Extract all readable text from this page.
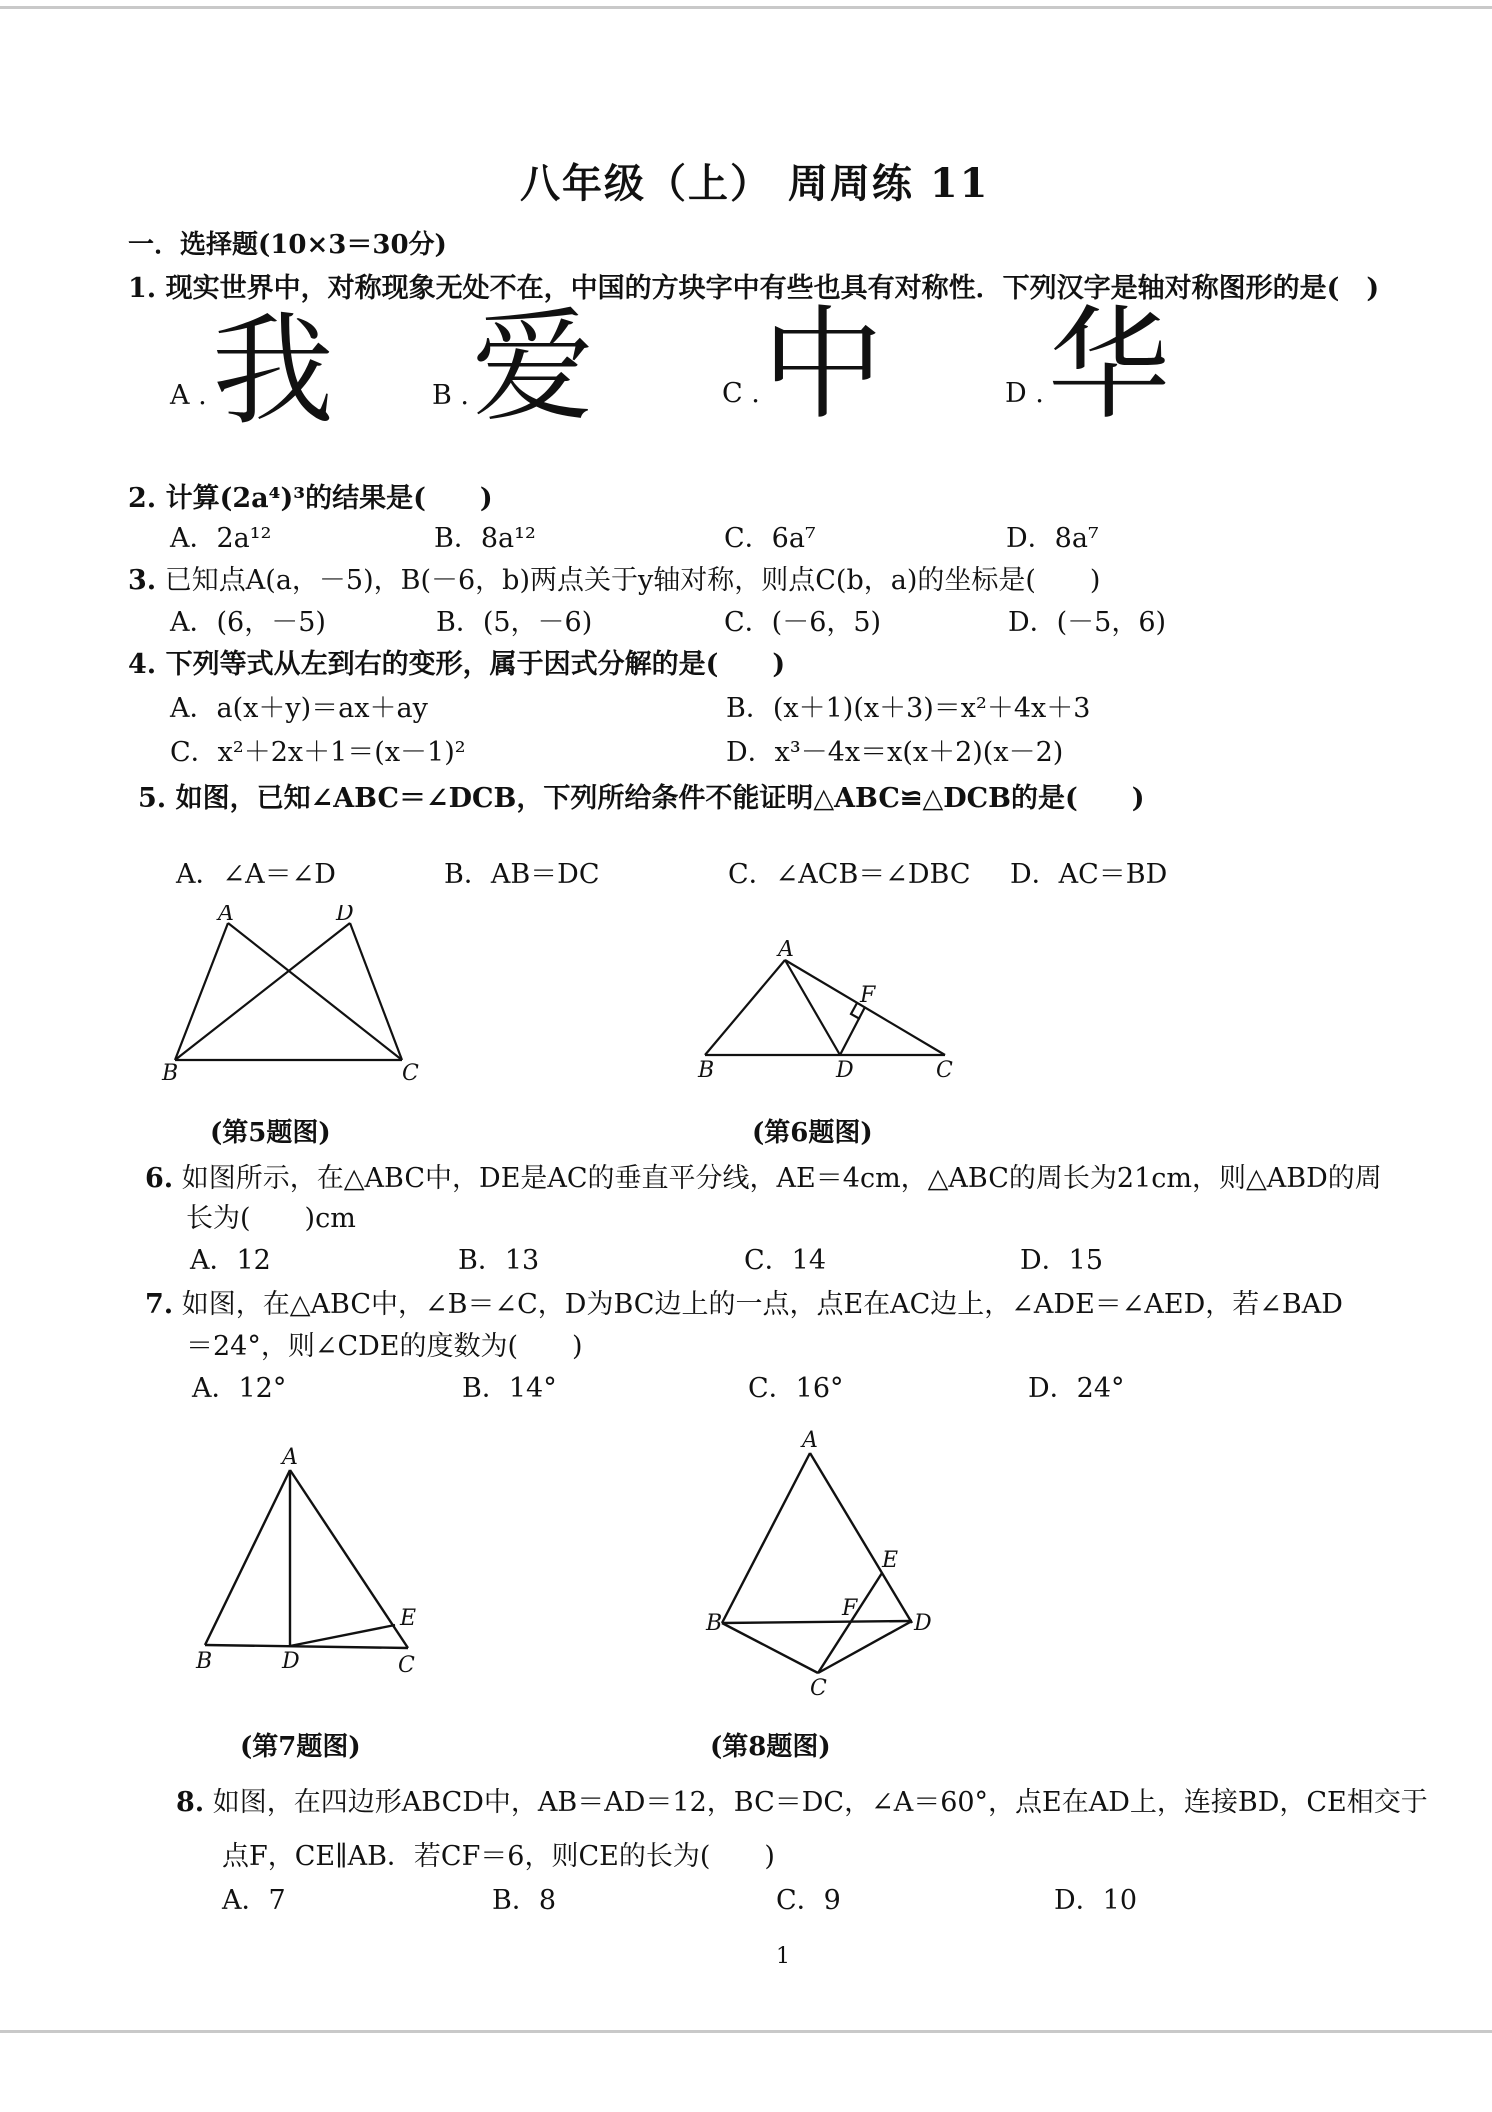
八年级（上） 周周练 11
一．选择题(10×3＝30分)
1. 现实世界中，对称现象无处不在，中国的方块字中有些也具有对称性．下列汉字是轴对称图形的是(　)
A . 我	B . 爱	C . 中	D . 华
2. 计算(2a⁴)³的结果是(　　)
A．2a¹²	B．8a¹²	C．6a⁷	D．8a⁷
3. 已知点A(a，－5)，B(－6，b)两点关于y轴对称，则点C(b，a)的坐标是(　　)
A．(6，－5)	B．(5，－6)	C．(－6，5)	D．(－5，6)
4. 下列等式从左到右的变形，属于因式分解的是(　　)
A．a(x＋y)＝ax＋ay	B．(x＋1)(x＋3)＝x²＋4x＋3
C．x²＋2x＋1＝(x－1)²	D．x³－4x＝x(x＋2)(x－2)
5. 如图，已知∠ABC＝∠DCB，下列所给条件不能证明△ABC≌△DCB的是(　　)
A．∠A＝∠D	B．AB＝DC	C．∠ACB＝∠DBC D．AC＝BD
A	D
B	C
(第5题图)
A
F
B	D	C
(第6题图)
6. 如图所示，在△ABC中，DE是AC的垂直平分线，AE＝4cm，△ABC的周长为21cm，则△ABD的周
长为(　　)cm
A．12	B．13	C．14	D．15
7. 如图，在△ABC中，∠B＝∠C，D为BC边上的一点，点E在AC边上，∠ADE＝∠AED，若∠BAD
＝24°，则∠CDE的度数为(　　)
A．12°	B．14°	C．16°	D．24°
A
E
B	D	C
(第7题图)
A
E
F
B	D
C
(第8题图)
8. 如图，在四边形ABCD中，AB＝AD＝12，BC＝DC，∠A＝60°，点E在AD上，连接BD，CE相交于
点F，CE∥AB．若CF＝6，则CE的长为(　　)
A．7	B．8	C．9	D．10
1
